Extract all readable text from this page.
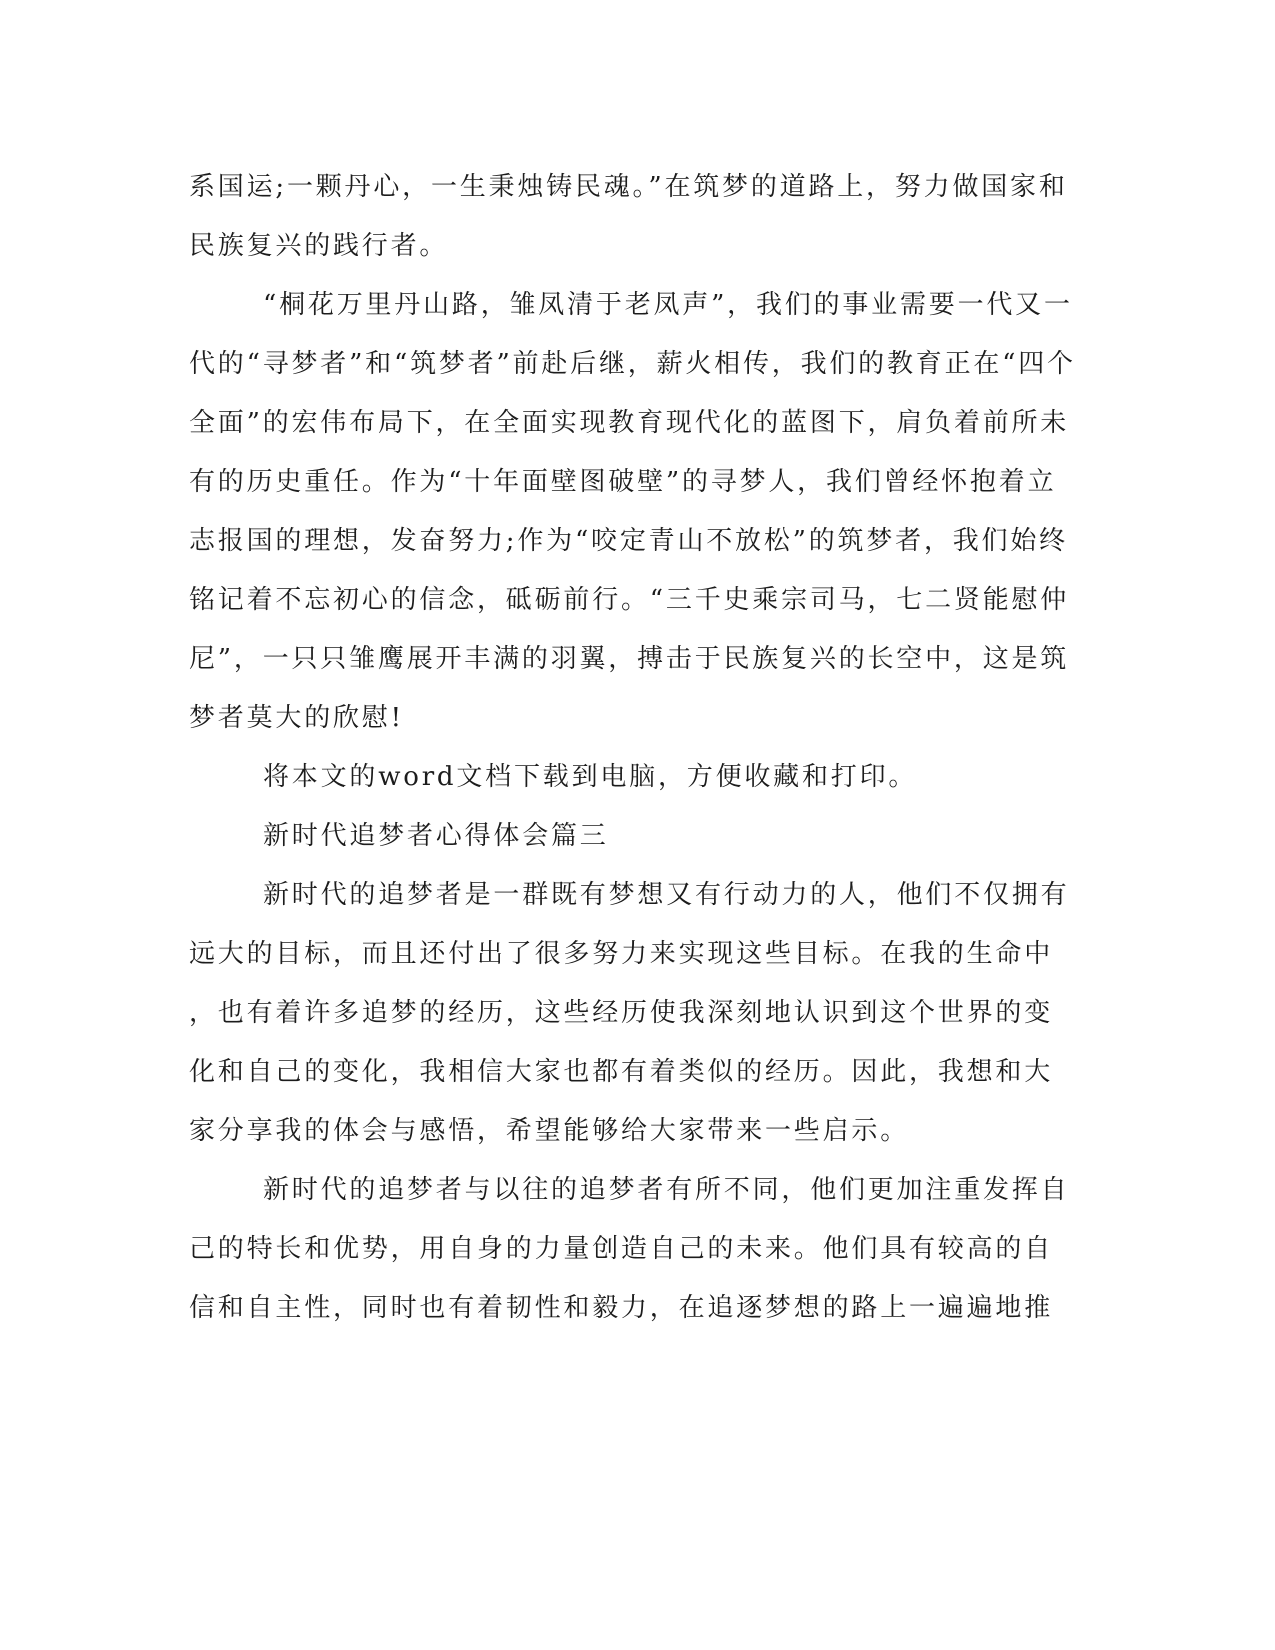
系国运;一颗丹心，一生秉烛铸民魂。”在筑梦的道路上，努力做国家和
民族复兴的践行者。
“桐花万里丹山路，雏凤清于老凤声”，我们的事业需要一代又一
代的“寻梦者”和“筑梦者”前赴后继，薪火相传，我们的教育正在“四个
全面”的宏伟布局下，在全面实现教育现代化的蓝图下，肩负着前所未
有的历史重任。作为“十年面壁图破壁”的寻梦人，我们曾经怀抱着立
志报国的理想，发奋努力;作为“咬定青山不放松”的筑梦者，我们始终
铭记着不忘初心的信念，砥砺前行。“三千史乘宗司马，七二贤能慰仲
尼”，一只只雏鹰展开丰满的羽翼，搏击于民族复兴的长空中，这是筑
梦者莫大的欣慰!
将本文的word文档下载到电脑，方便收藏和打印。
新时代追梦者心得体会篇三
新时代的追梦者是一群既有梦想又有行动力的人，他们不仅拥有
远大的目标，而且还付出了很多努力来实现这些目标。在我的生命中
，也有着许多追梦的经历，这些经历使我深刻地认识到这个世界的变
化和自己的变化，我相信大家也都有着类似的经历。因此，我想和大
家分享我的体会与感悟，希望能够给大家带来一些启示。
新时代的追梦者与以往的追梦者有所不同，他们更加注重发挥自
己的特长和优势，用自身的力量创造自己的未来。他们具有较高的自
信和自主性，同时也有着韧性和毅力，在追逐梦想的路上一遍遍地推
